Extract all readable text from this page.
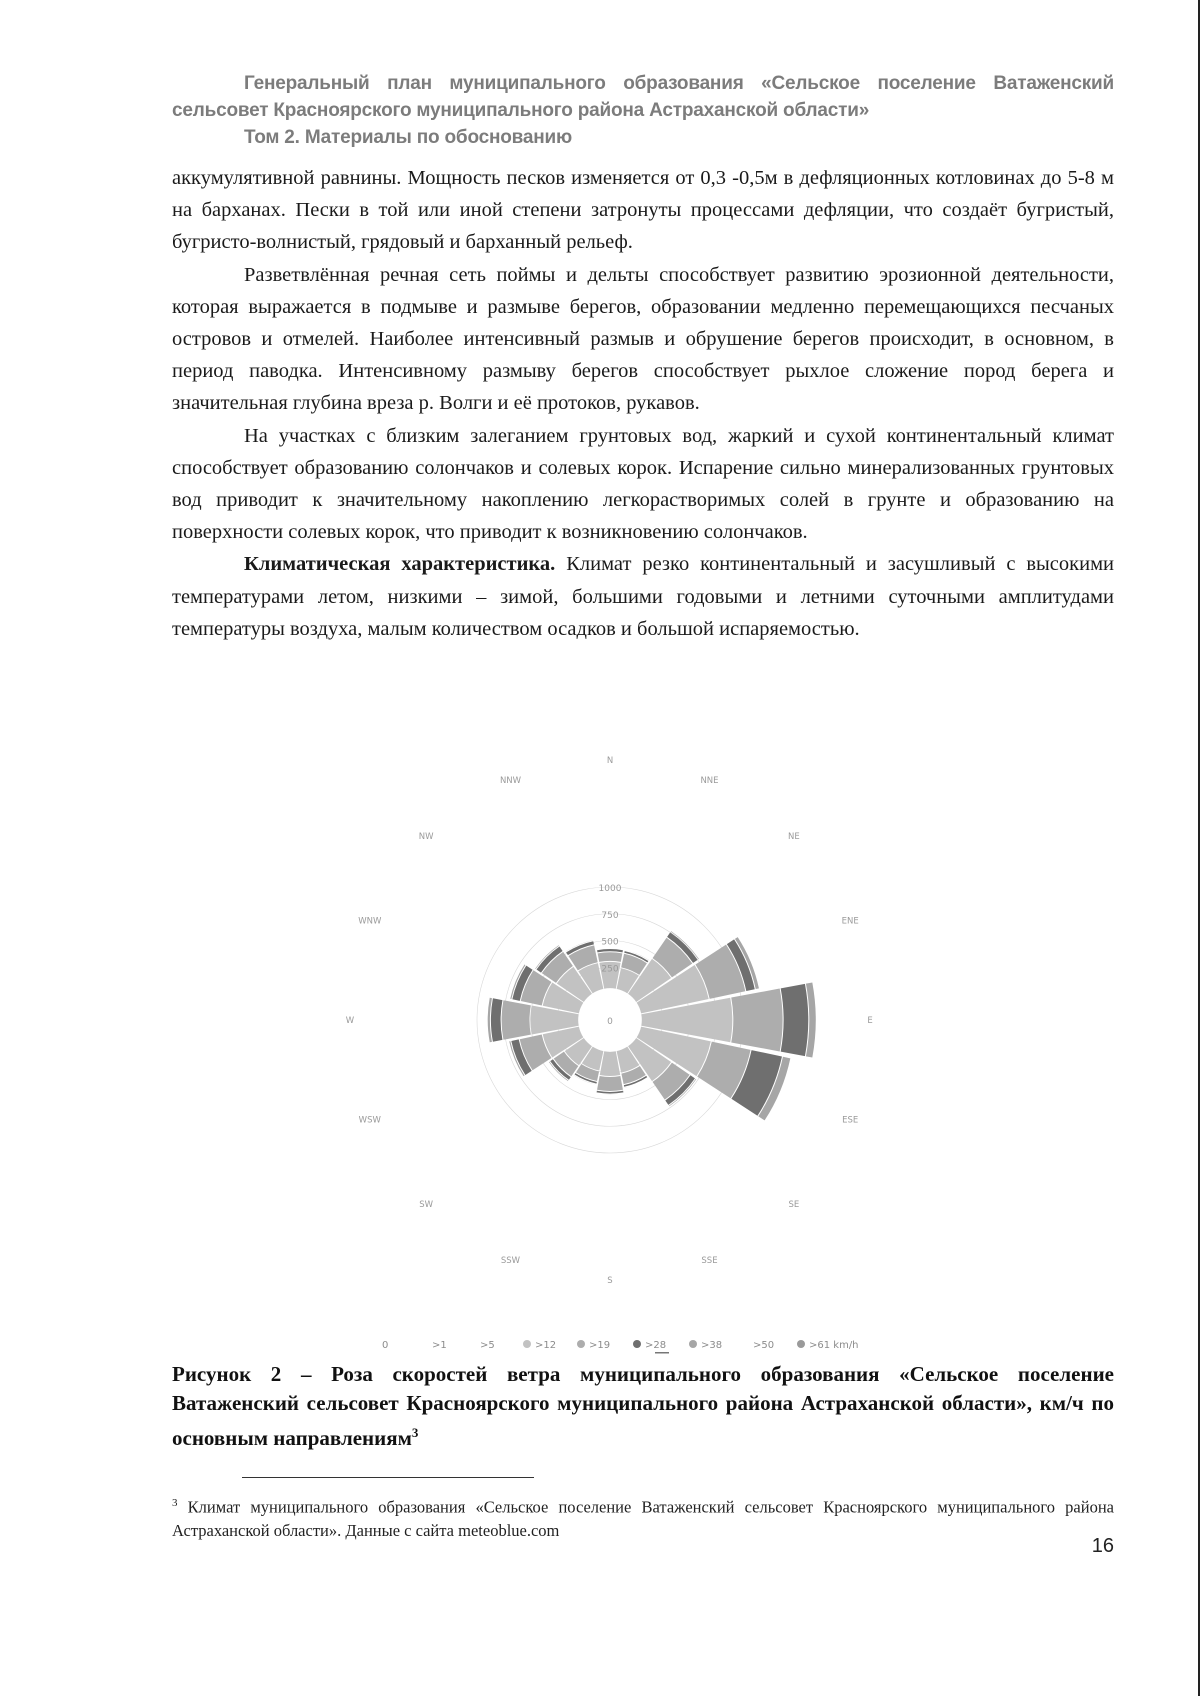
Генеральный план муниципального образования «Сельское поселение Ватаженский
сельсовет Красноярского муниципального района Астраханской области»
Том 2. Материалы по обоснованию

аккумулятивной равнины. Мощность песков изменяется от 0,3 -0,5м в дефляционных котловинах до 5-8 м на барханах. Пески в той или иной степени затронуты процессами дефляции, что создаёт бугристый, бугристо-волнистый, грядовый и барханный рельеф.

Разветвлённая речная сеть поймы и дельты способствует развитию эрозионной деятельности, которая выражается в подмыве и размыве берегов, образовании медленно перемещающихся песчаных островов и отмелей. Наиболее интенсивный размыв и обрушение берегов происходит, в основном, в период паводка. Интенсивному размыву берегов способствует рыхлое сложение пород берега и значительная глубина вреза р. Волги и её протоков, рукавов.

На участках с близким залеганием грунтовых вод, жаркий и сухой континентальный климат способствует образованию солончаков и солевых корок. Испарение сильно минерализованных грунтовых вод приводит к значительному накоплению легкорастворимых солей в грунте и образованию на поверхности солевых корок, что приводит к возникновению солончаков.

Климатическая характеристика. Климат резко континентальный и засушливый с высокими температурами летом, низкими – зимой, большими годовыми и летними суточными амплитудами температуры воздуха, малым количеством осадков и большой испаряемостью.

0
250
500
750
1000
N
NNE
NE
ENE
E
ESE
SE
SSE
S
SSW
SW
WSW
W
WNW
NW
NNW
0	>1	>5	>12	>19	>28	>38	>50	>61 km/h
Рисунок 2 – Роза скоростей ветра муниципального образования «Сельское поселение Ватаженский сельсовет Красноярского муниципального района Астраханской области», км/ч по основным направлениям$^3$
$^3$ Климат муниципального образования «Сельское поселение Ватаженский сельсовет Красноярского муниципального района Астраханской области». Данные с сайта meteoblue.com
16
